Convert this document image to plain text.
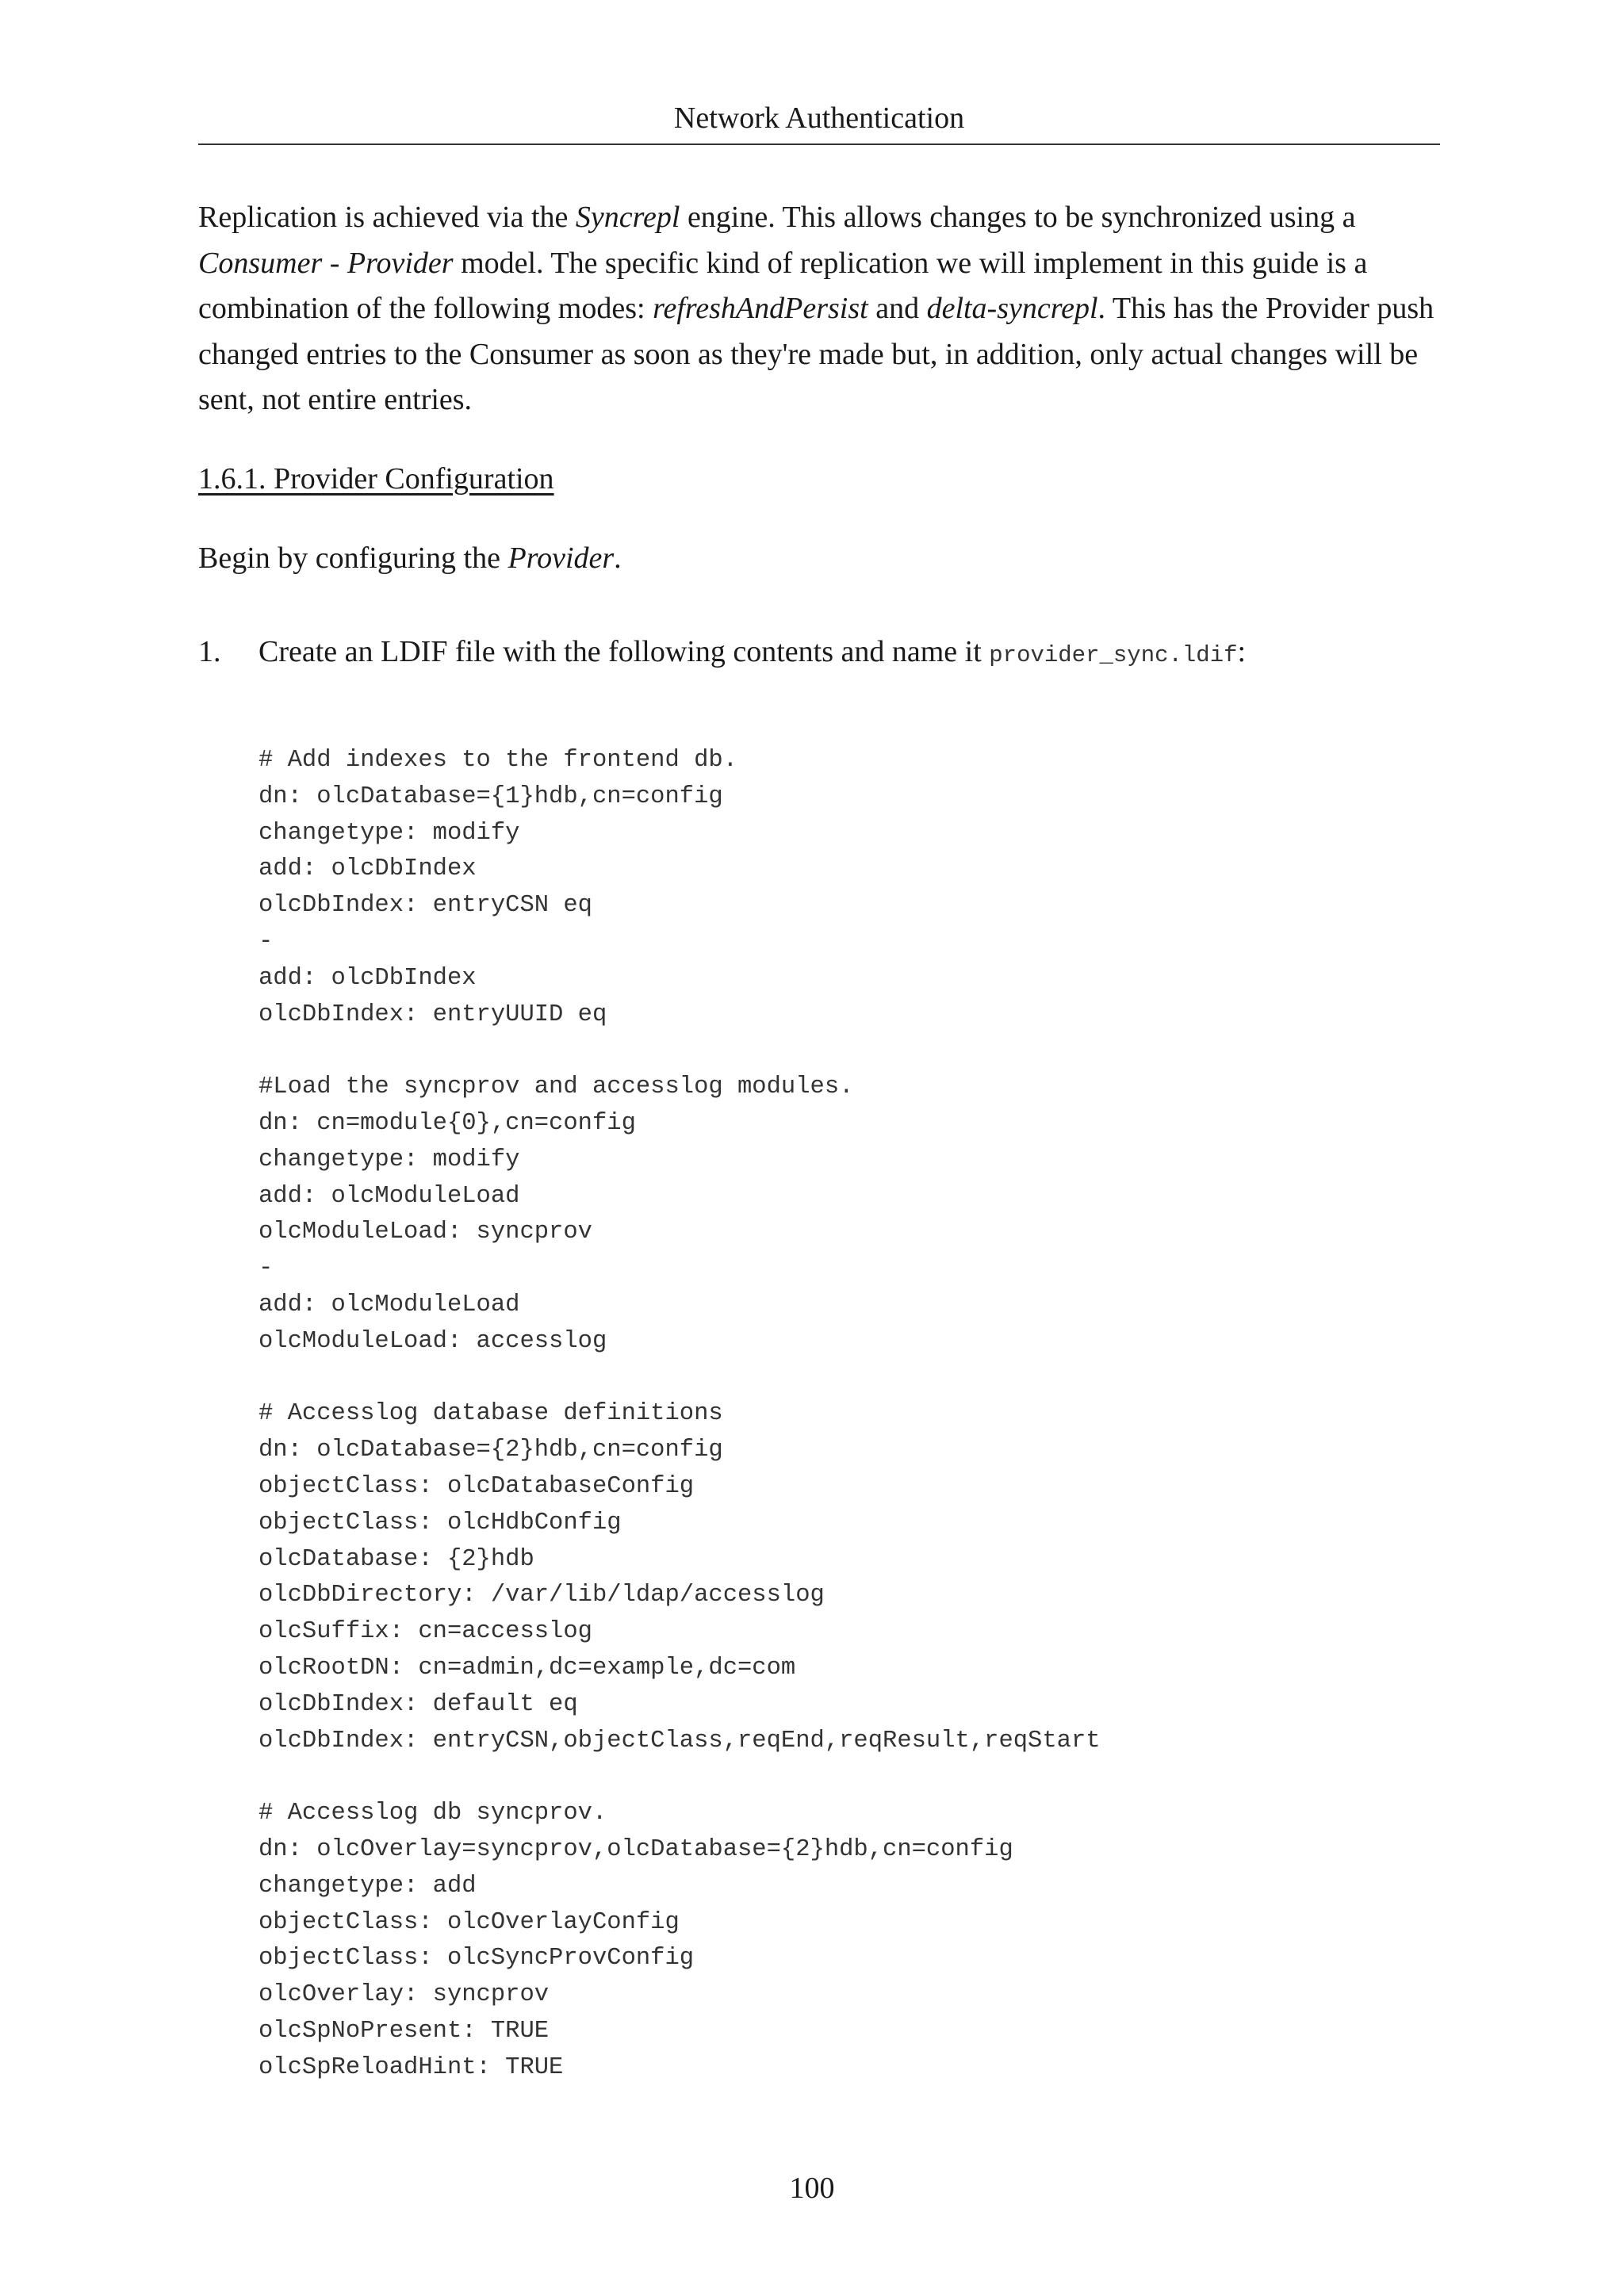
Network Authentication
Replication is achieved via the Syncrepl engine. This allows changes to be synchronized using a Consumer - Provider model. The specific kind of replication we will implement in this guide is a combination of the following modes: refreshAndPersist and delta-syncrepl. This has the Provider push changed entries to the Consumer as soon as they're made but, in addition, only actual changes will be sent, not entire entries.
1.6.1. Provider Configuration
Begin by configuring the Provider.
1. Create an LDIF file with the following contents and name it provider_sync.ldif:
# Add indexes to the frontend db.
dn: olcDatabase={1}hdb,cn=config
changetype: modify
add: olcDbIndex
olcDbIndex: entryCSN eq
-
add: olcDbIndex
olcDbIndex: entryUUID eq
#Load the syncprov and accesslog modules.
dn: cn=module{0},cn=config
changetype: modify
add: olcModuleLoad
olcModuleLoad: syncprov
-
add: olcModuleLoad
olcModuleLoad: accesslog
# Accesslog database definitions
dn: olcDatabase={2}hdb,cn=config
objectClass: olcDatabaseConfig
objectClass: olcHdbConfig
olcDatabase: {2}hdb
olcDbDirectory: /var/lib/ldap/accesslog
olcSuffix: cn=accesslog
olcRootDN: cn=admin,dc=example,dc=com
olcDbIndex: default eq
olcDbIndex: entryCSN,objectClass,reqEnd,reqResult,reqStart
# Accesslog db syncprov.
dn: olcOverlay=syncprov,olcDatabase={2}hdb,cn=config
changetype: add
objectClass: olcOverlayConfig
objectClass: olcSyncProvConfig
olcOverlay: syncprov
olcSpNoPresent: TRUE
olcSpReloadHint: TRUE
100
